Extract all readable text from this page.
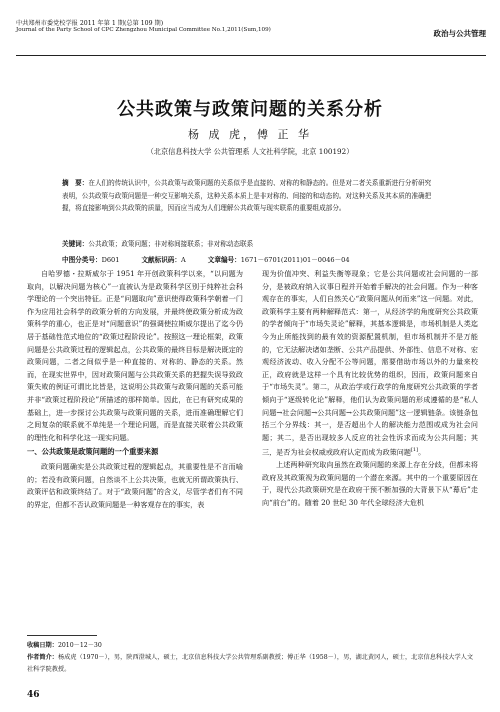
中共郑州市委党校学报 2011 年第 1 期(总第 109 期)
Journal of the Party School of CPC Zhengzhou Municipal Committee No.1,2011(Sum,109)	政治与公共管理
公共政策与政策问题的关系分析
杨 成 虎，傅 正 华
（北京信息科技大学 公共管理系 人文社科学院，北京 100192）
摘　要：在人们的传统认识中，公共政策与政策问题的关系似乎是直接的、对称的和静态的。但是对二者关系重新进行分析研究表明，公共政策与政策问题是一种交互影响关系，这种关系本质上是非对称的、间接的和动态的。对这种关系及其本质的准确把握，将直接影响到公共政策的质量，因而应当成为人们理解公共政策与现实联系的重要组成部分。
关键词：公共政策；政策问题；非对称间接联系；非对称动态联系
中图分类号：D601	文献标识码：A	文章编号：1671－6701(2011)01－0046－04

自哈罗德・拉斯威尔于 1951 年开创政策科学以来，“以问题为取向，以解决问题为核心”一直被认为是政策科学区别于纯粹社会科学理论的一个突出特征。正是“问题取向”意识使得政策科学朝着一门作为应用社会科学的政策分析的方向发展，并最终使政策分析成为政策科学的重心，也正是对“问题意识”的强调使拉斯威尔提出了迄今仍居于基础性范式地位的“政策过程阶段论”。按照这一理论框架，政策问题是公共政策过程的逻辑起点，公共政策的最终目标是解决既定的政策问题，二者之间似乎是一种直接的、对称的、静态的关系。然而，在现实世界中，因对政策问题与公共政策关系的把握失误导致政策失败的例证可谓比比皆是，这说明公共政策与政策问题的关系可能并非“政策过程阶段论”所描述的那样简单。因此，在已有研究成果的基础上，进一步探讨公共政策与政策问题的关系，进而准确理解它们之间复杂的联系就不单纯是一个理论问题，而是直接关联着公共政策的理性化和科学化这一现实问题。

一、公共政策是政策问题的一个重要来源

政策问题确实是公共政策过程的逻辑起点，其重要性是不言而喻的；若没有政策问题，自然谈不上公共决策，也就无所谓政策执行、政策评估和政策终结了。对于“政策问题”的含义，尽管学者们有不同的界定，但都不否认政策问题是一种客观存在的事实，表

现为价值冲突、利益失衡等现象；它是公共问题或社会问题的一部分，是被政府纳入议事日程并开始着手解决的社会问题。作为一种客观存在的事实，人们自然关心“政策问题从何而来”这一问题。对此，政策科学主要有两种解释范式：第一，从经济学的角度研究公共政策的学者倾向于“市场失灵论”解释，其基本逻辑是，市场机制是人类迄今为止所能找到的最有效的资源配置机制，但市场机制并不是万能的，它无法解决诸如垄断、公共产品提供、外部性、信息不对称、宏观经济波动、收入分配不公等问题，需要借助市场以外的力量来校正，政府就是这样一个具有比较优势的组织，因而，政策问题来自于“市场失灵”。第二，从政治学或行政学的角度研究公共政策的学者倾向于“逐级转化论”解释，他们认为政策问题的形成遵循的是“私人问题→社会问题→公共问题→公共政策问题”这一逻辑链条。该链条包括三个分界线：其一，是否超出个人的解决能力范围或成为社会问题；其二，是否出现较多人反应的社会性诉求而成为公共问题；其三，是否为社会权威或政府认定而成为政策问题[1]。

上述两种研究取向虽然在政策问题的来源上存在分歧，但都未将政府及其政策视为政策问题的一个潜在来源。其中的一个重要原因在于，现代公共政策研究是在政府干预不断加强的大背景下从“幕后”走向“前台”的。随着 20 世纪 30 年代全球经济大危机

收稿日期：2010－12－30
作者简介：杨成虎（1970－），男，陕西澄城人，硕士，北京信息科技大学公共管理系副教授；傅正华（1958－），男，湖北黄冈人，硕士，北京信息科技大学人文社科学院教授。
46
